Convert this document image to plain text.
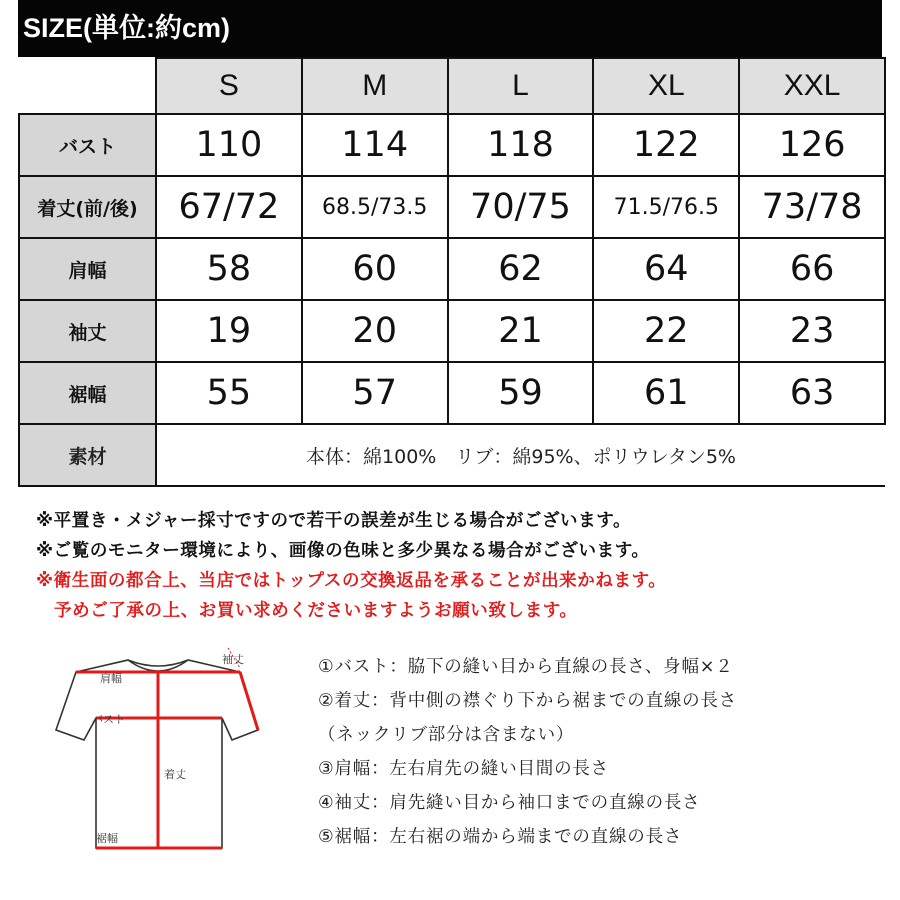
SIZE(単位:約cm)
	S	M	L	XL	XXL
バスト	110	114	118	122	126
着丈(前/後)	67/72	68.5/73.5	70/75	71.5/76.5	73/78
肩幅	58	60	62	64	66
袖丈	19	20	21	22	23
裾幅	55	57	59	61	63
素材	本体：綿100%　リブ：綿95%、ポリウレタン5%				
※平置き・メジャー採寸ですので若干の誤差が生じる場合がございます。
※ご覧のモニター環境により、画像の色味と多少異なる場合がございます。
※衛生面の都合上、当店ではトップスの交換返品を承ることが出来かねます。
予めご了承の上、お買い求めくださいますようお願い致します。
袖丈
肩幅
バスト
着丈
裾幅
①バスト：脇下の縫い目から直線の長さ、身幅×２
②着丈：背中側の襟ぐり下から裾までの直線の長さ
（ネックリブ部分は含まない）
③肩幅：左右肩先の縫い目間の長さ
④袖丈：肩先縫い目から袖口までの直線の長さ
⑤裾幅：左右裾の端から端までの直線の長さ
